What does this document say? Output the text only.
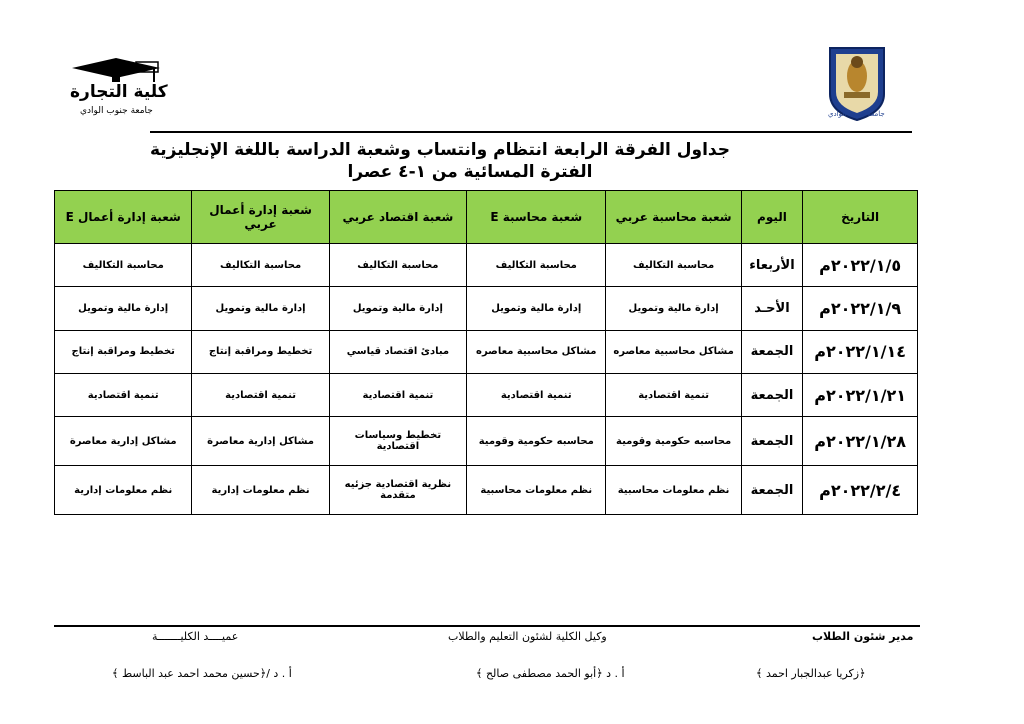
جامعة جنوب الوادي
كلية التجارة
جامعة جنوب الوادي
جداول الفرقة الرابعة انتظام وانتساب وشعبة الدراسة باللغة الإنجليزية
الفترة المسائية من ١-٤ عصرا
التاريخ	اليوم	شعبة محاسبة عربي	شعبة محاسبة E	شعبة اقتصاد عربي	شعبة إدارة أعمال عربي	شعبة إدارة أعمال E
٢٠٢٢/١/٥م	الأربعاء	محاسبة التكاليف	محاسبة التكاليف	محاسبة التكاليف	محاسبة التكاليف	محاسبة التكاليف
٢٠٢٢/١/٩م	الأحـد	إدارة مالية وتمويل	إدارة مالية وتمويل	إدارة مالية وتمويل	إدارة مالية وتمويل	إدارة مالية وتمويل
٢٠٢٢/١/١٤م	الجمعة	مشاكل محاسبية معاصره	مشاكل محاسبية معاصره	مبادئ اقتصاد قياسي	تخطيط ومراقبة إنتاج	تخطيط ومراقبة إنتاج
٢٠٢٢/١/٢١م	الجمعة	تنمية اقتصادية	تنمية اقتصادية	تنمية اقتصادية	تنمية اقتصادية	تنمية اقتصادية
٢٠٢٢/١/٢٨م	الجمعة	محاسبه حكومية وقومية	محاسبه حكومية وقومية	تخطيط وسياسات اقتصادية	مشاكل إدارية معاصرة	مشاكل إدارية معاصرة
٢٠٢٢/٢/٤م	الجمعة	نظم معلومات محاسبية	نظم معلومات محاسبية	نظرية اقتصادية جزئيه متقدمة	نظم معلومات إدارية	نظم معلومات إدارية
مدير شئون الطلاب
وكيل الكلية لشئون التعليم والطلاب
عميــــد الكليـــــــة
﴿زكريا عبدالجبار احمد ﴾
أ . د ﴿أبو الحمد مصطفى صالح ﴾
أ . د /﴿حسين محمد احمد عبد الباسط ﴾
